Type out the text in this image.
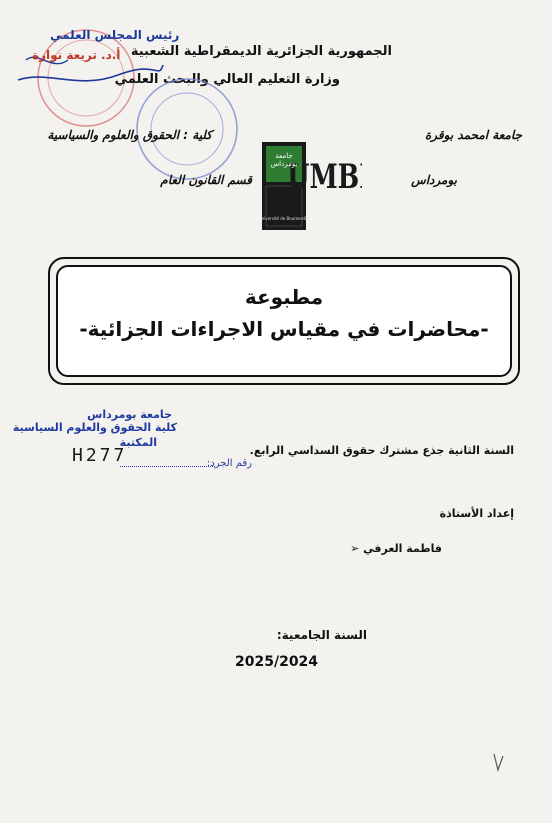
رئيس المجلس العلمي
أ.د. تريعة نوارة الجمهورية الجزائرية الديمقراطية الشعبية
وزارة التعليم العالي والبحث العلمي
جامعة امحمد بوقرة
كلية : الحقوق والعلوم والسياسية
Université de Boumerdès
UMB
جامعة بومرداس
بومرداس
قسم القانون العام
مطبوعة
-محاضرات في مقياس الاجراءات الجزائية-
جامعة بومرداس
كلية الحقوق والعلوم السياسية
المكتبة
H277	رقم الجرد:
السنة الثانية جذع مشترك حقوق السداسي الرابع.
إعداد الأستاذة
فاطمة العرفي ➢
السنة الجامعية:
2025/2024
